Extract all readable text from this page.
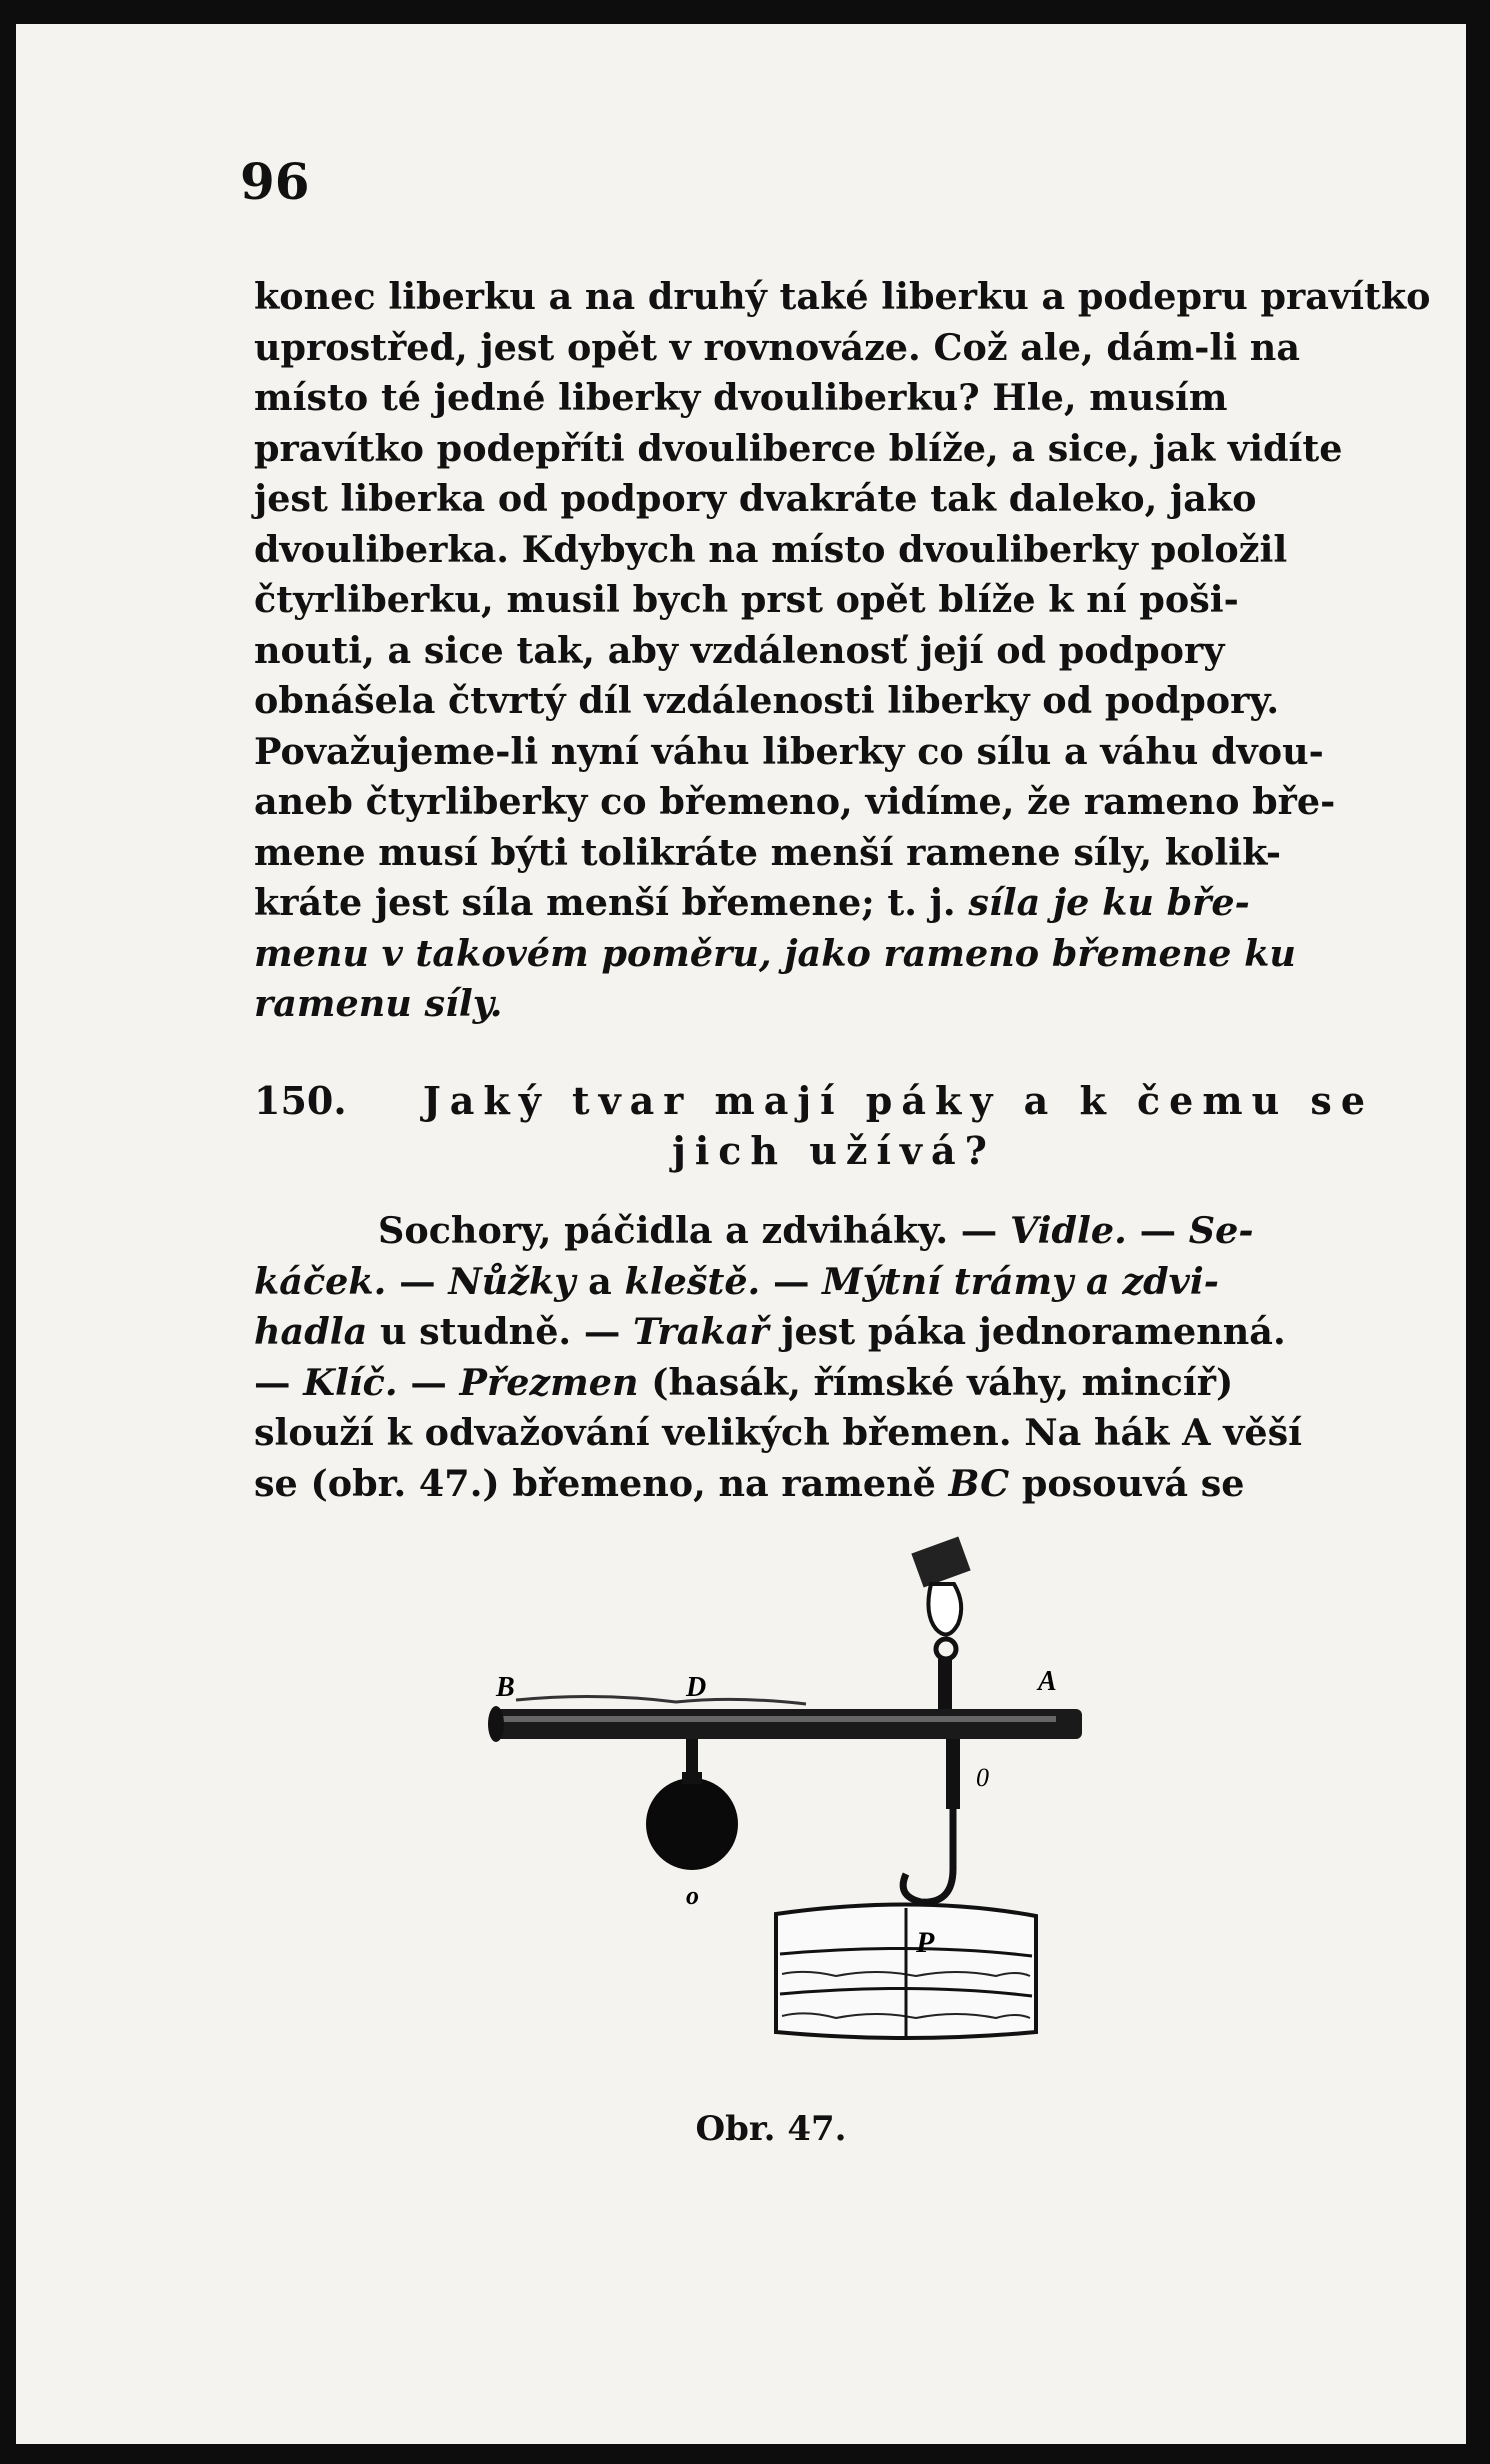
96
konec liberku a na druhý také liberku a podepru pravítko
uprostřed, jest opět v rovnováze. Což ale, dám-li na
místo té jedné liberky dvouliberku? Hle, musím
pravítko podepříti dvouliberce blíže, a sice, jak vidíte
jest liberka od podpory dvakráte tak daleko, jako
dvouliberka. Kdybych na místo dvouliberky položil
čtyrliberku, musil bych prst opět blíže k ní poši-
nouti, a sice tak, aby vzdálenosť její od podpory
obnášela čtvrtý díl vzdálenosti liberky od podpory.
Považujeme-li nyní váhu liberky co sílu a váhu dvou-
aneb čtyrliberky co břemeno, vidíme, že rameno bře-
mene musí býti tolikráte menší ramene síly, kolik-
kráte jest síla menší břemene; t. j. síla je ku bře-
menu v takovém poměru, jako rameno břemene ku
ramenu síly.
150. Jaký tvar mají páky a k čemu se
jich užívá?
Sochory, páčidla a zdviháky. — Vidle. — Se-
káček. — Nůžky a kleště. — Mýtní trámy a zdvi-
hadla u studně. — Trakař jest páka jednoramenná.
— Klíč. — Přezmen (hasák, římské váhy, mincíř)
slouží k odvažování velikých břemen. Na hák A věší
se (obr. 47.) břemeno, na rameně BC posouvá se
B	D	A
o
0
P
Obr. 47.
